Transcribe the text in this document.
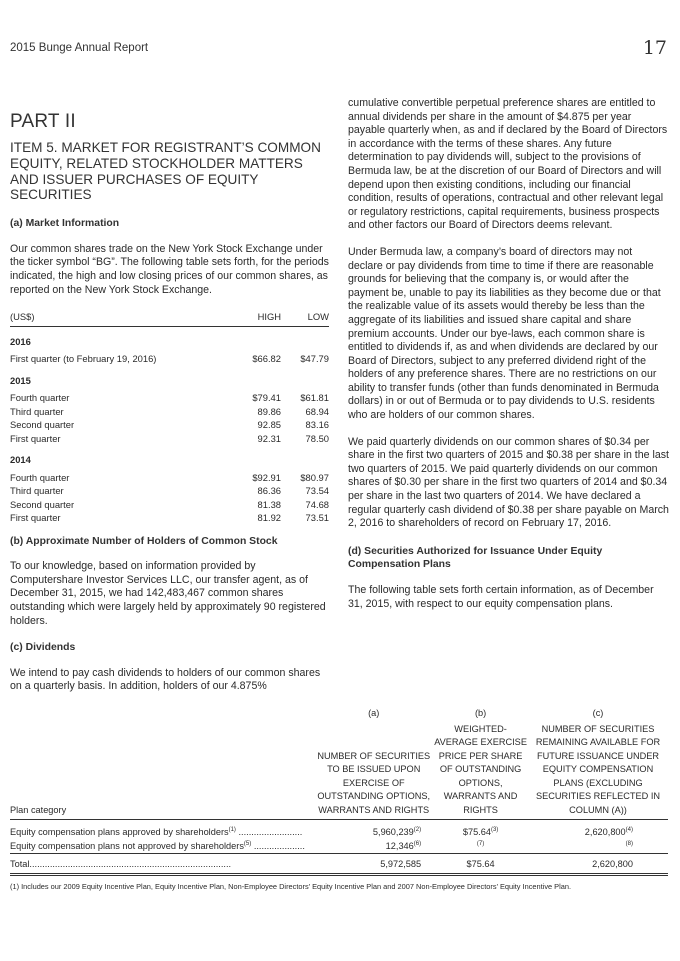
2015 Bunge Annual Report	17
PART II
ITEM 5. MARKET FOR REGISTRANT’S COMMON EQUITY, RELATED STOCKHOLDER MATTERS AND ISSUER PURCHASES OF EQUITY SECURITIES
(a) Market Information

Our common shares trade on the New York Stock Exchange under the ticker symbol “BG”. The following table sets forth, for the periods indicated, the high and low closing prices of our common shares, as reported on the New York Stock Exchange.

(US$)	HIGH	LOW
2016		
First quarter (to February 19, 2016)	$66.82	$47.79
2015		
Fourth quarter	$79.41	$61.81
Third quarter	89.86	68.94
Second quarter	92.85	83.16
First quarter	92.31	78.50
2014		
Fourth quarter	$92.91	$80.97
Third quarter	86.36	73.54
Second quarter	81.38	74.68
First quarter	81.92	73.51
(b) Approximate Number of Holders of Common Stock

To our knowledge, based on information provided by Computershare Investor Services LLC, our transfer agent, as of December 31, 2015, we had 142,483,467 common shares outstanding which were largely held by approximately 90 registered holders.

(c) Dividends

We intend to pay cash dividends to holders of our common shares on a quarterly basis. In addition, holders of our 4.875%

cumulative convertible perpetual preference shares are entitled to annual dividends per share in the amount of $4.875 per year payable quarterly when, as and if declared by the Board of Directors in accordance with the terms of these shares. Any future determination to pay dividends will, subject to the provisions of Bermuda law, be at the discretion of our Board of Directors and will depend upon then existing conditions, including our financial condition, results of operations, contractual and other relevant legal or regulatory restrictions, capital requirements, business prospects and other factors our Board of Directors deems relevant.

Under Bermuda law, a company’s board of directors may not declare or pay dividends from time to time if there are reasonable grounds for believing that the company is, or would after the payment be, unable to pay its liabilities as they become due or that the realizable value of its assets would thereby be less than the aggregate of its liabilities and issued share capital and share premium accounts. Under our bye-laws, each common share is entitled to dividends if, as and when dividends are declared by our Board of Directors, subject to any preferred dividend right of the holders of any preference shares. There are no restrictions on our ability to transfer funds (other than funds denominated in Bermuda dollars) in or out of Bermuda or to pay dividends to U.S. residents who are holders of our common shares.

We paid quarterly dividends on our common shares of $0.34 per share in the first two quarters of 2015 and $0.38 per share in the last two quarters of 2015. We paid quarterly dividends on our common shares of $0.30 per share in the first two quarters of 2014 and $0.34 per share in the last two quarters of 2014. We have declared a regular quarterly cash dividend of $0.38 per share payable on March 2, 2016 to shareholders of record on February 17, 2016.

(d) Securities Authorized for Issuance Under Equity Compensation Plans

The following table sets forth certain information, as of December 31, 2015, with respect to our equity compensation plans.

	(a)	(b)	(c)
Plan category	NUMBER OF SECURITIES TO BE ISSUED UPON EXERCISE OF OUTSTANDING OPTIONS, WARRANTS AND RIGHTS	WEIGHTED-AVERAGE EXERCISE PRICE PER SHARE OF OUTSTANDING OPTIONS, WARRANTS AND RIGHTS	NUMBER OF SECURITIES REMAINING AVAILABLE FOR FUTURE ISSUANCE UNDER EQUITY COMPENSATION PLANS (EXCLUDING SECURITIES REFLECTED IN COLUMN (A))
Equity compensation plans approved by shareholders$^{(1)}$ .........................	5,960,239$^{(2)}$	$75.64$^{(3)}$	2,620,800$^{(4)}$
Equity compensation plans not approved by shareholders$^{(5)}$ ....................	12,346$^{(6)}$	$^{(7)}$	$^{(8)}$
Total...............................................................................	5,972,585	$75.64	2,620,800
(1) Includes our 2009 Equity Incentive Plan, Equity Incentive Plan, Non-Employee Directors’ Equity Incentive Plan and 2007 Non-Employee Directors’ Equity Incentive Plan.
